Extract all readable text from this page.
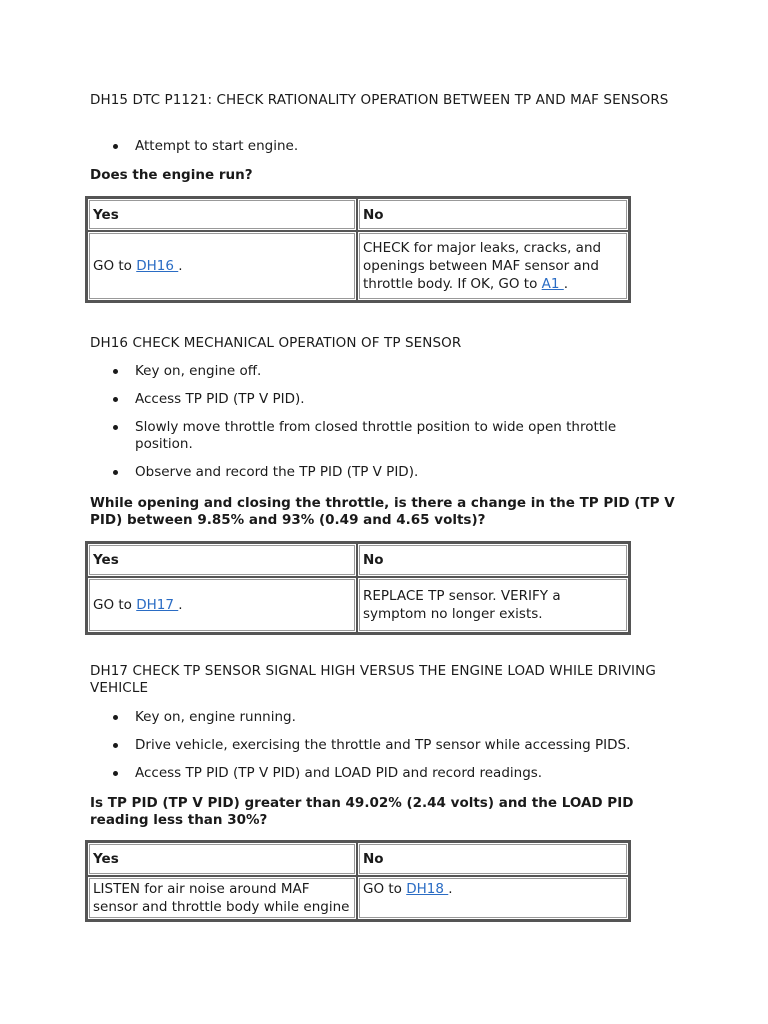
DH15 DTC P1121: CHECK RATIONALITY OPERATION BETWEEN TP AND MAF SENSORS
Attempt to start engine.
Does the engine run?
Yes	No
GO to DH16 .	CHECK for major leaks, cracks, and openings between MAF sensor and throttle body. If OK, GO to A1 .
DH16 CHECK MECHANICAL OPERATION OF TP SENSOR
Key on, engine off.
Access TP PID (TP V PID).
Slowly move throttle from closed throttle position to wide open throttle position.
Observe and record the TP PID (TP V PID).
While opening and closing the throttle, is there a change in the TP PID (TP V PID) between 9.85% and 93% (0.49 and 4.65 volts)?
Yes	No
GO to DH17 .	REPLACE TP sensor. VERIFY a symptom no longer exists.
DH17 CHECK TP SENSOR SIGNAL HIGH VERSUS THE ENGINE LOAD WHILE DRIVING VEHICLE
Key on, engine running.
Drive vehicle, exercising the throttle and TP sensor while accessing PIDS.
Access TP PID (TP V PID) and LOAD PID and record readings.
Is TP PID (TP V PID) greater than 49.02% (2.44 volts) and the LOAD PID reading less than 30%?
Yes	No
LISTEN for air noise around MAF sensor and throttle body while engine	GO to DH18 .
